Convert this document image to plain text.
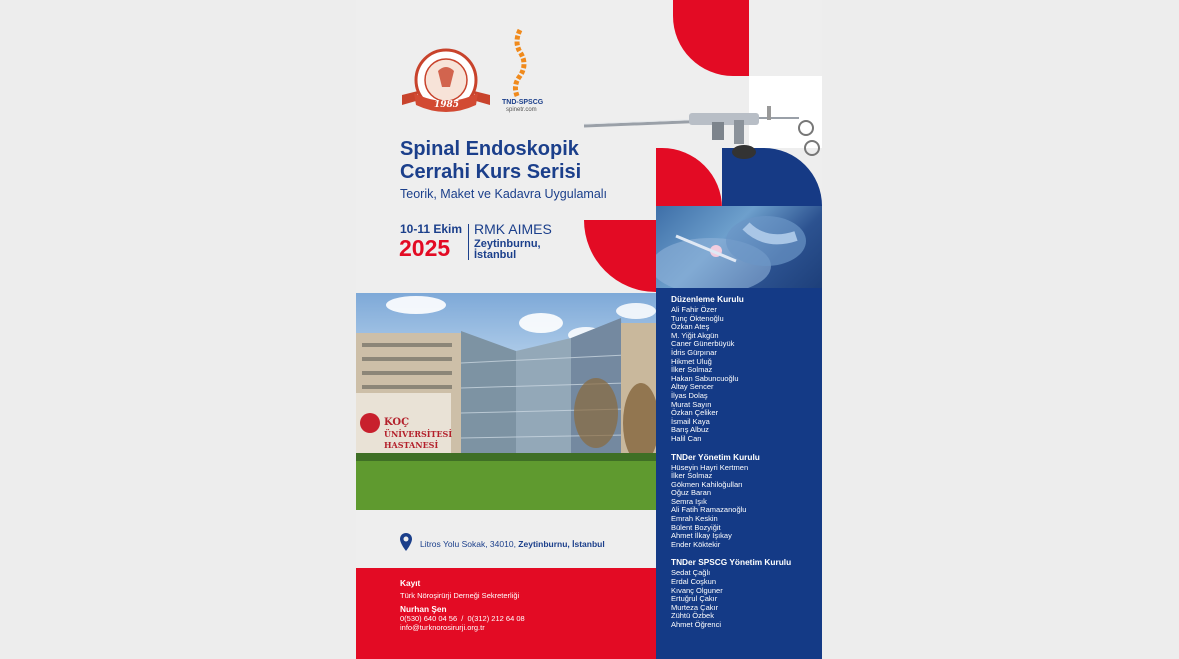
1985	TND-SPSCG
spinetr.com
Spinal Endoskopik
Cerrahi Kurs Serisi
Teorik, Maket ve Kadavra Uygulamalı
10-11 Ekim
2025
RMK AIMES
Zeytinburnu,
İstanbul
KOÇ
ÜNİVERSİTESİ
HASTANESİ
Litros Yolu Sokak, 34010, Zeytinburnu, İstanbul
Kayıt
Türk Nöroşirürji Derneği Sekreterliği
Nurhan Şen
0(530) 640 04 56  /  0(312) 212 64 08
info@turknorosirurji.org.tr
Düzenleme Kurulu
Ali Fahir Özer
Tunç Öktenoğlu
Özkan Ateş
M. Yiğit Akgün
Caner Günerbüyük
İdris Gürpınar
Hikmet Uluğ
İlker Solmaz
Hakan Sabuncuoğlu
Altay Sencer
İlyas Dolaş
Murat Sayın
Özkan Çeliker
İsmail Kaya
Barış Albuz
Halil Can
TNDer Yönetim Kurulu
Hüseyin Hayri Kertmen
İlker Solmaz
Gökmen Kahiloğulları
Oğuz Baran
Semra Işık
Ali Fatih Ramazanoğlu
Emrah Keskin
Bülent Bozyiğit
Ahmet İlkay Işıkay
Ender Köktekir
TNDer SPSCG Yönetim Kurulu
Sedat Çağlı
Erdal Coşkun
Kıvanç Olguner
Ertuğrul Çakır
Murteza Çakır
Zühtü Özbek
Ahmet Öğrenci
